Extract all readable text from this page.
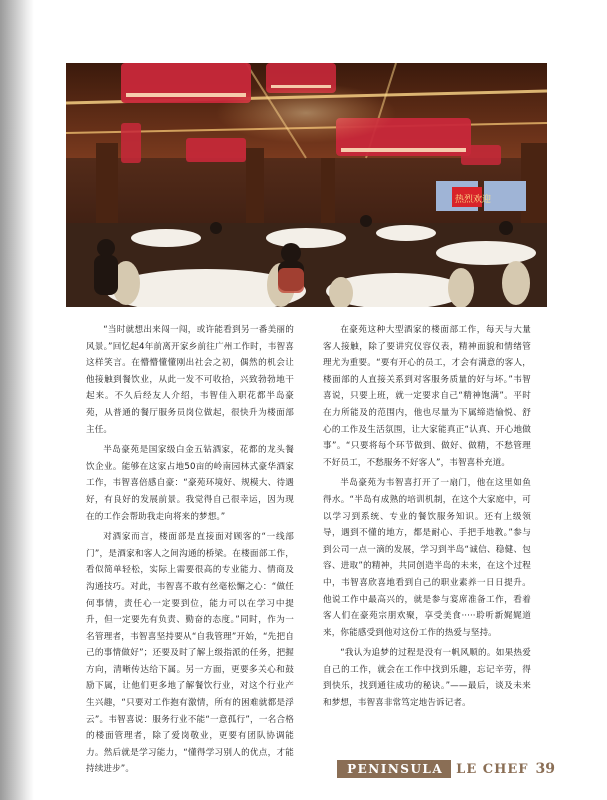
热烈欢迎

“当时就想出来闯一闯，或许能看到另一番美丽的风景。”回忆起4年前离开家乡前往广州工作时，韦智喜这样笑言。在懵懵懂懂刚出社会之初，偶然的机会让他接触到餐饮业，从此一发不可收拾，兴致勃勃地干起来。不久后经友人介绍，韦智佳入职花都半岛豪苑，从普通的餐厅服务员岗位做起，很快升为楼面部主任。

半岛豪苑是国家级白金五钻酒家，花都的龙头餐饮企业。能够在这家占地50亩的岭南园林式豪华酒家工作，韦智喜倍感自豪：“豪苑环境好、规模大、待遇好，有良好的发展前景。我觉得自己很幸运，因为现在的工作会帮助我走向将来的梦想。”

对酒家而言，楼面部是直接面对顾客的“一线部门”，是酒家和客人之间沟通的桥梁。在楼面部工作，看似简单轻松，实际上需要很高的专业能力、情商及沟通技巧。对此，韦智喜不敢有丝毫松懈之心：“做任何事情，责任心一定要到位，能力可以在学习中提升，但一定要先有负责、勤奋的态度。”同时，作为一名管理者，韦智喜坚持要从“自我管理”开始，“先把自己的事情做好”；还要及时了解上级指派的任务，把握方向，清晰传达给下属。另一方面，更要多关心和鼓励下属，让他们更多地了解餐饮行业，对这个行业产生兴趣，“只要对工作抱有激情，所有的困难就都是浮云”。韦智喜说：服务行业不能“一意孤行”，一名合格的楼面管理者，除了爱岗敬业，更要有团队协调能力。然后就是学习能力，“懂得学习别人的优点，才能持续进步”。

在豪苑这种大型酒家的楼面部工作，每天与大量客人接触，除了要讲究仪容仪表，精神面貌和情绪管理尤为重要。“要有开心的员工，才会有满意的客人，楼面部的人直接关系到对客服务质量的好与坏。”韦智喜说，只要上班，就一定要求自己“精神饱满”。平时在力所能及的范围内，他也尽量为下属缔造愉悦、舒心的工作及生活氛围，让大家能真正“认真、开心地做事”。“只要将每个环节做到、做好、做精，不愁管理不好员工，不愁服务不好客人”，韦智喜朴充道。

半岛豪苑为韦智喜打开了一扇门，他在这里如鱼得水。“半岛有成熟的培训机制，在这个大家庭中，可以学习到系统、专业的餐饮服务知识。还有上级领导，遇到不懂的地方，都是耐心、手把手地教。”参与到公司一点一滴的发展，学习到半岛“诚信、稳健、包容、进取”的精神，共同创造半岛的未来，在这个过程中，韦智喜欣喜地看到自己的职业素养一日日提升。他说工作中最高兴的，就是参与宴席准备工作，看着客人们在豪苑宗朋欢聚，享受美食·····聆听新娓娓道来，你能感受到他对这份工作的热爱与坚持。

“我认为追梦的过程是没有一帆风顺的。如果热爱自己的工作，就会在工作中找到乐趣，忘记辛劳，得到快乐，找到通往成功的秘诀。”——最后，谈及未来和梦想，韦智喜非常笃定地告诉记者。

PENINSULA	LE CHEF 39
